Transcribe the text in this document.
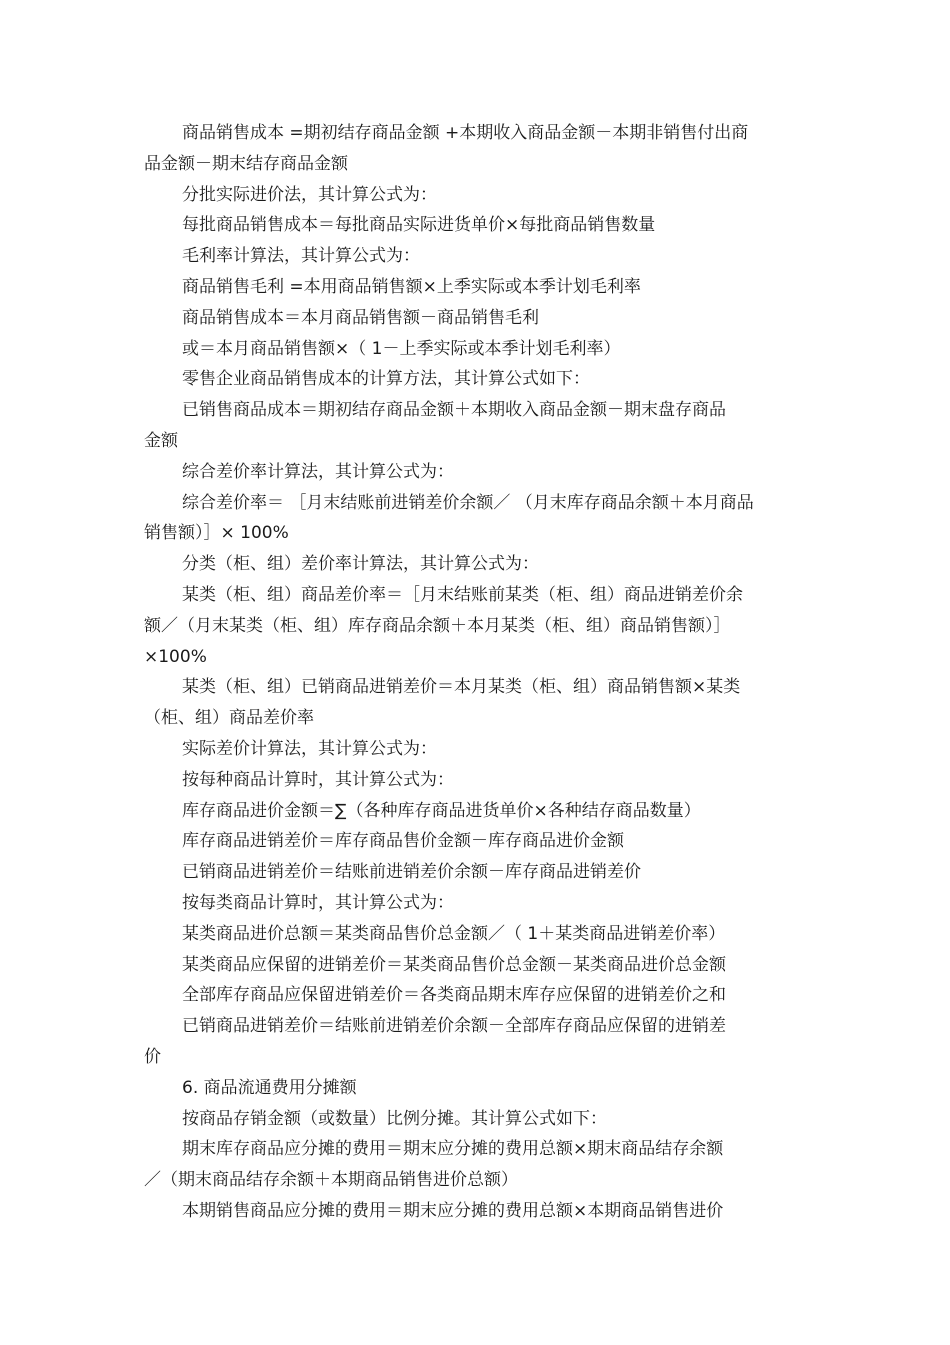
商品销售成本 =期初结存商品金额 +本期收入商品金额－本期非销售付出商
品金额－期末结存商品金额
分批实际进价法，其计算公式为：
每批商品销售成本＝每批商品实际进货单价×每批商品销售数量
毛利率计算法，其计算公式为：
商品销售毛利 =本用商品销售额×上季实际或本季计划毛利率
商品销售成本＝本月商品销售额－商品销售毛利
或＝本月商品销售额×（ 1－上季实际或本季计划毛利率）
零售企业商品销售成本的计算方法，其计算公式如下：
已销售商品成本＝期初结存商品金额＋本期收入商品金额－期末盘存商品
金额
综合差价率计算法，其计算公式为：
综合差价率＝ ［月末结账前进销差价余额／ （月末库存商品余额＋本月商品
销售额）］× 100%
分类（柜、组）差价率计算法，其计算公式为：
某类（柜、组）商品差价率＝［月末结账前某类（柜、组）商品进销差价余
额／（月末某类（柜、组）库存商品余额＋本月某类（柜、组）商品销售额）］
×100%
某类（柜、组）已销商品进销差价＝本月某类（柜、组）商品销售额×某类
（柜、组）商品差价率
实际差价计算法，其计算公式为：
按每种商品计算时，其计算公式为：
库存商品进价金额＝∑（各种库存商品进货单价×各种结存商品数量）
库存商品进销差价＝库存商品售价金额－库存商品进价金额
已销商品进销差价＝结账前进销差价余额－库存商品进销差价
按每类商品计算时，其计算公式为：
某类商品进价总额＝某类商品售价总金额／（ 1＋某类商品进销差价率）
某类商品应保留的进销差价＝某类商品售价总金额－某类商品进价总金额
全部库存商品应保留进销差价＝各类商品期末库存应保留的进销差价之和
已销商品进销差价＝结账前进销差价余额－全部库存商品应保留的进销差
价
6. 商品流通费用分摊额
按商品存销金额（或数量）比例分摊。其计算公式如下：
期末库存商品应分摊的费用＝期末应分摊的费用总额×期末商品结存余额
／（期末商品结存余额＋本期商品销售进价总额）
本期销售商品应分摊的费用＝期末应分摊的费用总额×本期商品销售进价
